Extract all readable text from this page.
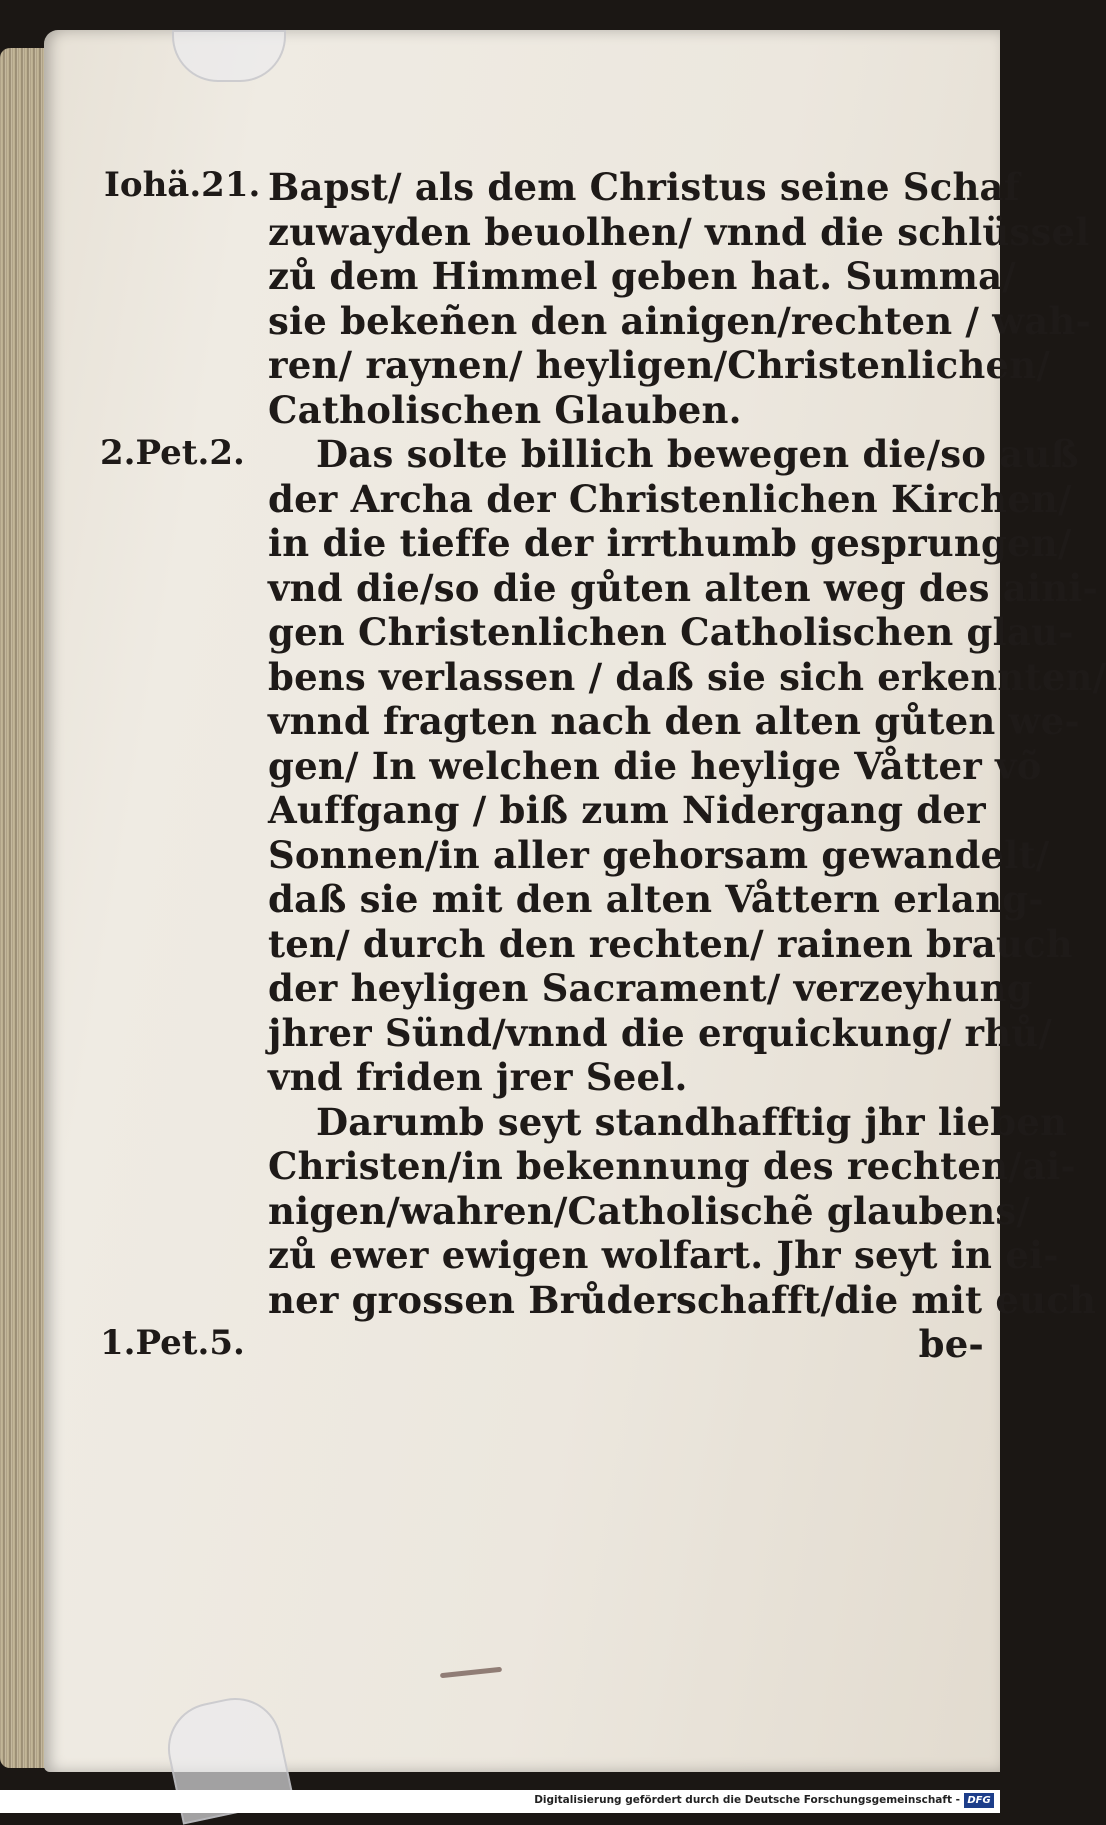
Iohä.21.
2.Pet.2.
1.Pet.5.
Bapst/ als dem Christus seine Schaf
zuwayden beuolhen/ vnnd die schlüssel
zů dem Himmel geben hat. Summa/
sie bekeñen den ainigen/rechten / wah-
ren/ raynen/ heyligen/Christenlichen/
Catholischen Glauben.
Das solte billich bewegen die/so auß
der Archa der Christenlichen Kirchen/
in die tieffe der irrthumb gesprungen/
vnd die/so die gůten alten weg des aini-
gen Christenlichen Catholischen glau-
bens verlassen / daß sie sich erkennten/
vnnd fragten nach den alten gůten we-
gen/ In welchen die heylige Våtter võ
Auffgang / biß zum Nidergang der
Sonnen/in aller gehorsam gewandelt/
daß sie mit den alten Våttern erlang-
ten/ durch den rechten/ rainen brauch
der heyligen Sacrament/ verzeyhung
jhrer Sünd/vnnd die erquickung/ rhů/
vnd friden jrer Seel.
Darumb seyt standhafftig jhr lieben
Christen/in bekennung des rechten/ai-
nigen/wahren/Catholischẽ glaubens/
zů ewer ewigen wolfart. Jhr seyt in ei-
ner grossen Brůderschafft/die mit euch
be-
Digitalisierung gefördert durch die Deutsche Forschungsgemeinschaft - DFG
